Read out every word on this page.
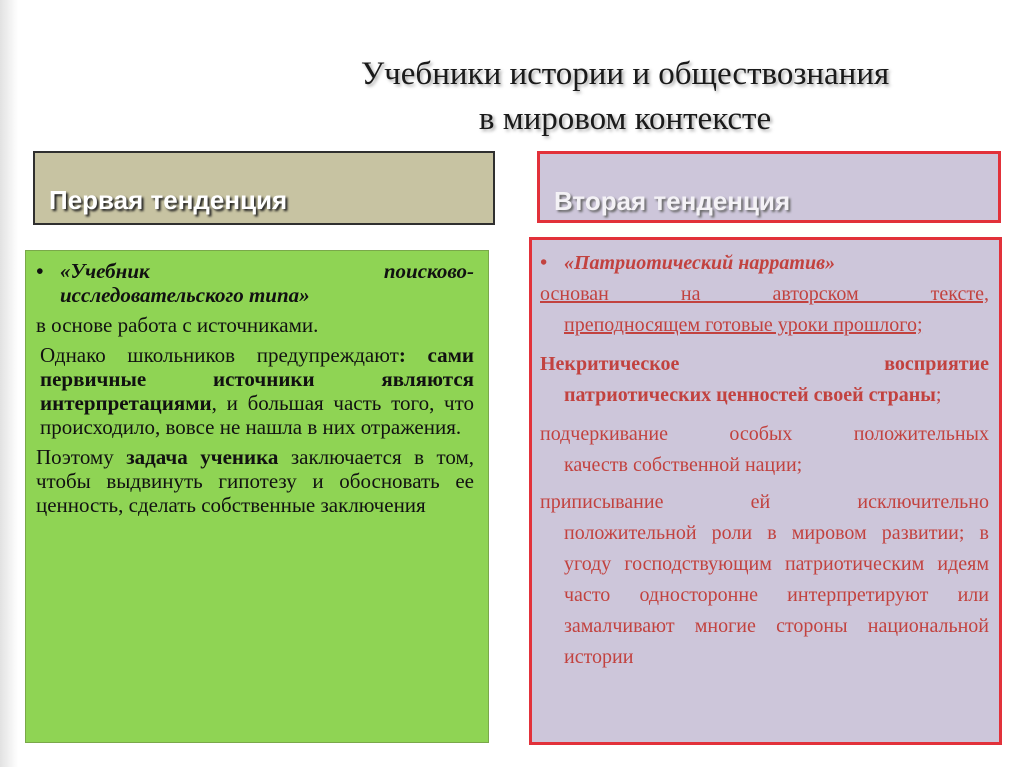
Учебники истории и обществознания
в мировом контексте
Первая тенденция	Вторая тенденция

• «Учебник	поисково-

исследовательского типа»

в основе работа с источниками.

Однако школьников предупреждают: сами первичные источники являются интерпретациями, и большая часть того, что происходило, вовсе не нашла в них отражения.

Поэтому задача ученика заключается в том, чтобы выдвинуть гипотезу и обосновать ее ценность, сделать собственные заключения

• «Патриотический нарратив»

основан на авторском тексте,

преподносящем готовые уроки прошлого;

Некритическое восприятие

патриотических ценностей своей страны;

подчеркивание особых положительных

качеств собственной нации;

приписывание ей исключительно

положительной роли в мировом развитии; в угоду господствующим патриотическим идеям часто односторонне интерпретируют или замалчивают многие стороны национальной истории
